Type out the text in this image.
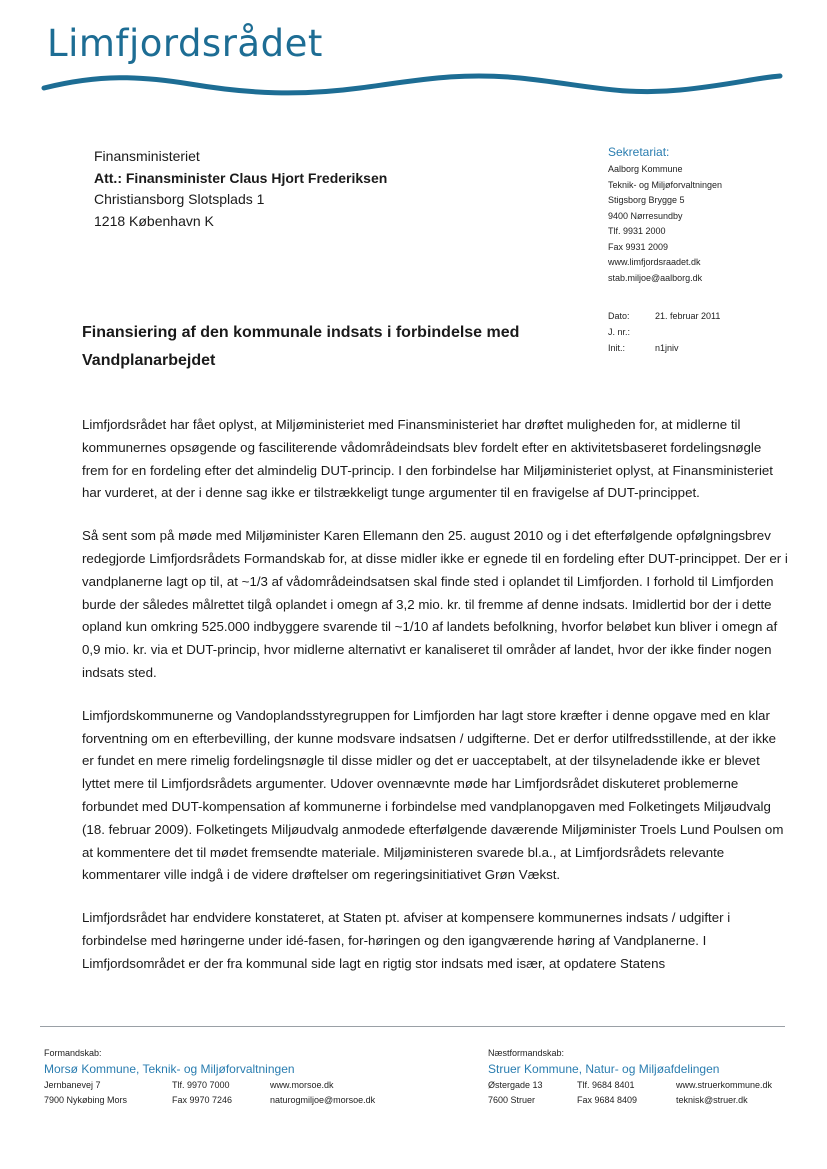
Limfjordsrådet
Finansministeriet
Att.: Finansminister Claus Hjort Frederiksen
Christiansborg Slotsplads 1
1218 København K
Sekretariat:
Aalborg Kommune
Teknik- og Miljøforvaltningen
Stigsborg Brygge 5
9400 Nørresundby
Tlf. 9931 2000
Fax 9931 2009
www.limfjordsraadet.dk
stab.miljoe@aalborg.dk
Dato:	21. februar 2011
J. nr.:
Init.:	n1jniv
Finansiering af den kommunale indsats i forbindelse med
Vandplanarbejdet

Limfjordsrådet har fået oplyst, at Miljøministeriet med Finansministeriet har drøftet muligheden for, at midlerne til kommunernes opsøgende og fasciliterende vådområdeindsats blev fordelt efter en aktivitetsbaseret fordelingsnøgle frem for en fordeling efter det almindelig DUT-princip. I den forbindelse har Miljøministeriet oplyst, at Finansministeriet har vurderet, at der i denne sag ikke er tilstrækkeligt tunge argumenter til en fravigelse af DUT-princippet.

Så sent som på møde med Miljøminister Karen Ellemann den 25. august 2010 og i det efterfølgende opfølgningsbrev redegjorde Limfjordsrådets Formandskab for, at disse midler ikke er egnede til en fordeling efter DUT-princippet. Der er i vandplanerne lagt op til, at ~1/3 af vådområdeindsatsen skal finde sted i oplandet til Limfjorden. I forhold til Limfjorden burde der således målrettet tilgå oplandet i omegn af 3,2 mio. kr. til fremme af denne indsats. Imidlertid bor der i dette opland kun omkring 525.000 indbyggere svarende til ~1/10 af landets befolkning, hvorfor beløbet kun bliver i omegn af 0,9 mio. kr. via et DUT-princip, hvor midlerne alternativt er kanaliseret til områder af landet, hvor der ikke finder nogen indsats sted.

Limfjordskommunerne og Vandoplandsstyregruppen for Limfjorden har lagt store kræfter i denne opgave med en klar forventning om en efterbevilling, der kunne modsvare indsatsen / udgifterne. Det er derfor utilfredsstillende, at der ikke er fundet en mere rimelig fordelingsnøgle til disse midler og det er uacceptabelt, at der tilsyneladende ikke er blevet lyttet mere til Limfjordsrådets argumenter. Udover ovennævnte møde har Limfjordsrådet diskuteret problemerne forbundet med DUT-kompensation af kommunerne i forbindelse med vandplanopgaven med Folketingets Miljøudvalg (18. februar 2009). Folketingets Miljøudvalg anmodede efterfølgende daværende Miljøminister Troels Lund Poulsen om at kommentere det til mødet fremsendte materiale. Miljøministeren svarede bl.a., at Limfjordsrådets relevante kommentarer ville indgå i de videre drøftelser om regeringsinitiativet Grøn Vækst.

Limfjordsrådet har endvidere konstateret, at Staten pt. afviser at kompensere kommunernes indsats / udgifter i forbindelse med høringerne under idé-fasen, for-høringen og den igangværende høring af Vandplanerne. I Limfjordsområdet er der fra kommunal side lagt en rigtig stor indsats med især, at opdatere Statens

Formandskab:
Morsø Kommune, Teknik- og Miljøforvaltningen
Jernbanevej 7	Tlf. 9970 7000	www.morsoe.dk
7900 Nykøbing Mors	Fax 9970 7246	naturogmiljoe@morsoe.dk
Næstformandskab:
Struer Kommune, Natur- og Miljøafdelingen
Østergade 13	Tlf. 9684 8401	www.struerkommune.dk
7600 Struer	Fax 9684 8409	teknisk@struer.dk
